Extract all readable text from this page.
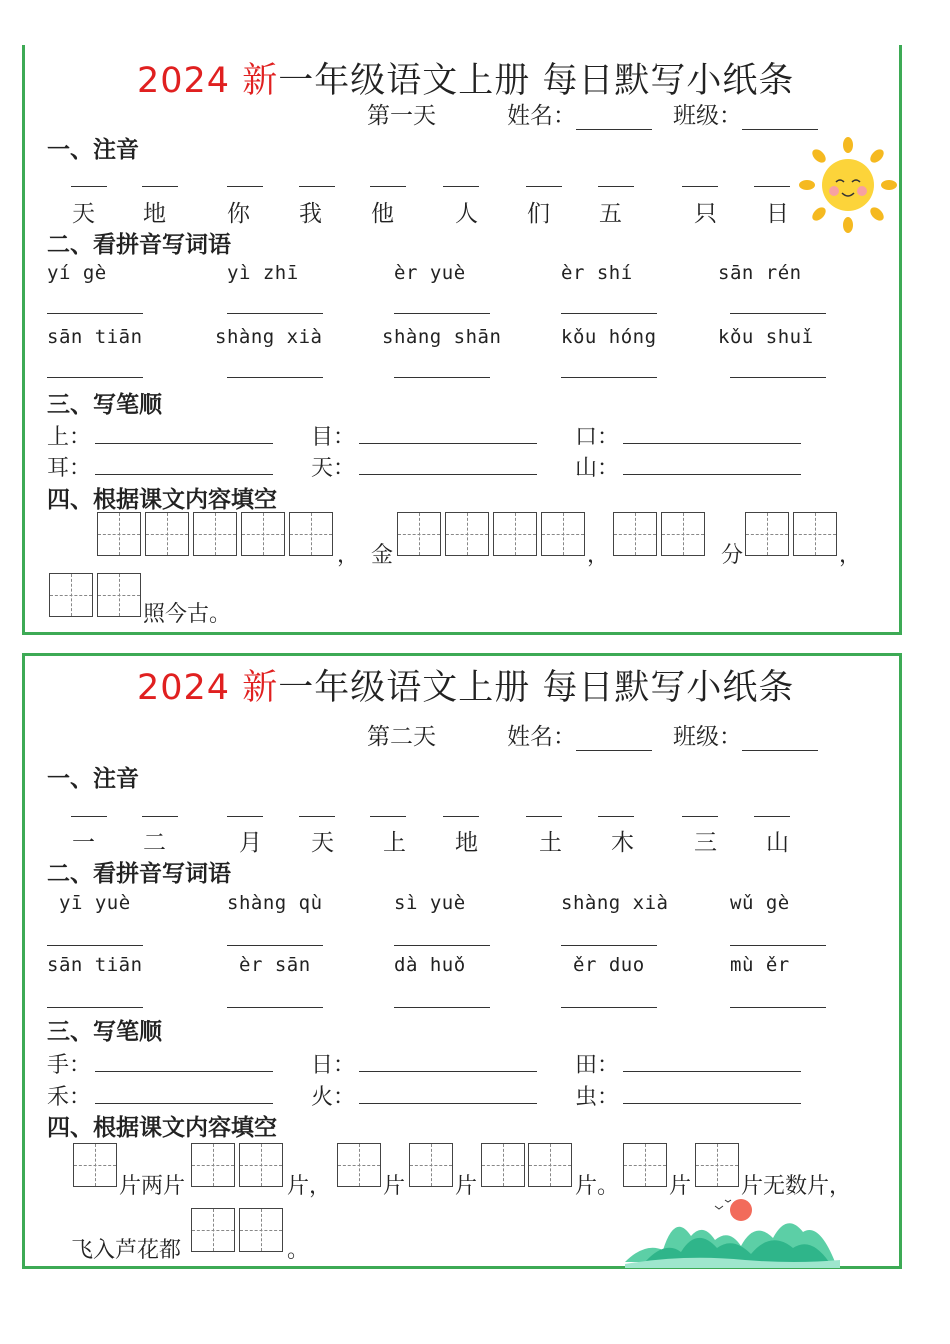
2024 新一年级语文上册 每日默写小纸条
第一天	姓名：	班级：
一、注音
天 地	你 我 他	人 们 五	只 日
二、看拼音写词语
yí gè	yì zhī	èr yuè	èr shí	sān rén
sān tiān	shàng xià	shàng shān	kǒu hóng	kǒu shuǐ
三、写笔顺
上：	目：	口：
耳：	天：	山：
四、根据课文内容填空
， 金	，	分	，
照今古。
2024 新一年级语文上册 每日默写小纸条
第二天	姓名：	班级：
一、注音
一 二	月 天 上 地	土 木	三 山
二、看拼音写词语
yī yuè	shàng qù	sì yuè	shàng xià	wǔ gè
sān tiān	èr sān	dà huǒ	ěr duo	mù ěr
三、写笔顺
手：	日：	田：
禾：	火：	虫：
四、根据课文内容填空
片两片	片， 片 片	片。 片 片无数片，
飞入芦花都	。
